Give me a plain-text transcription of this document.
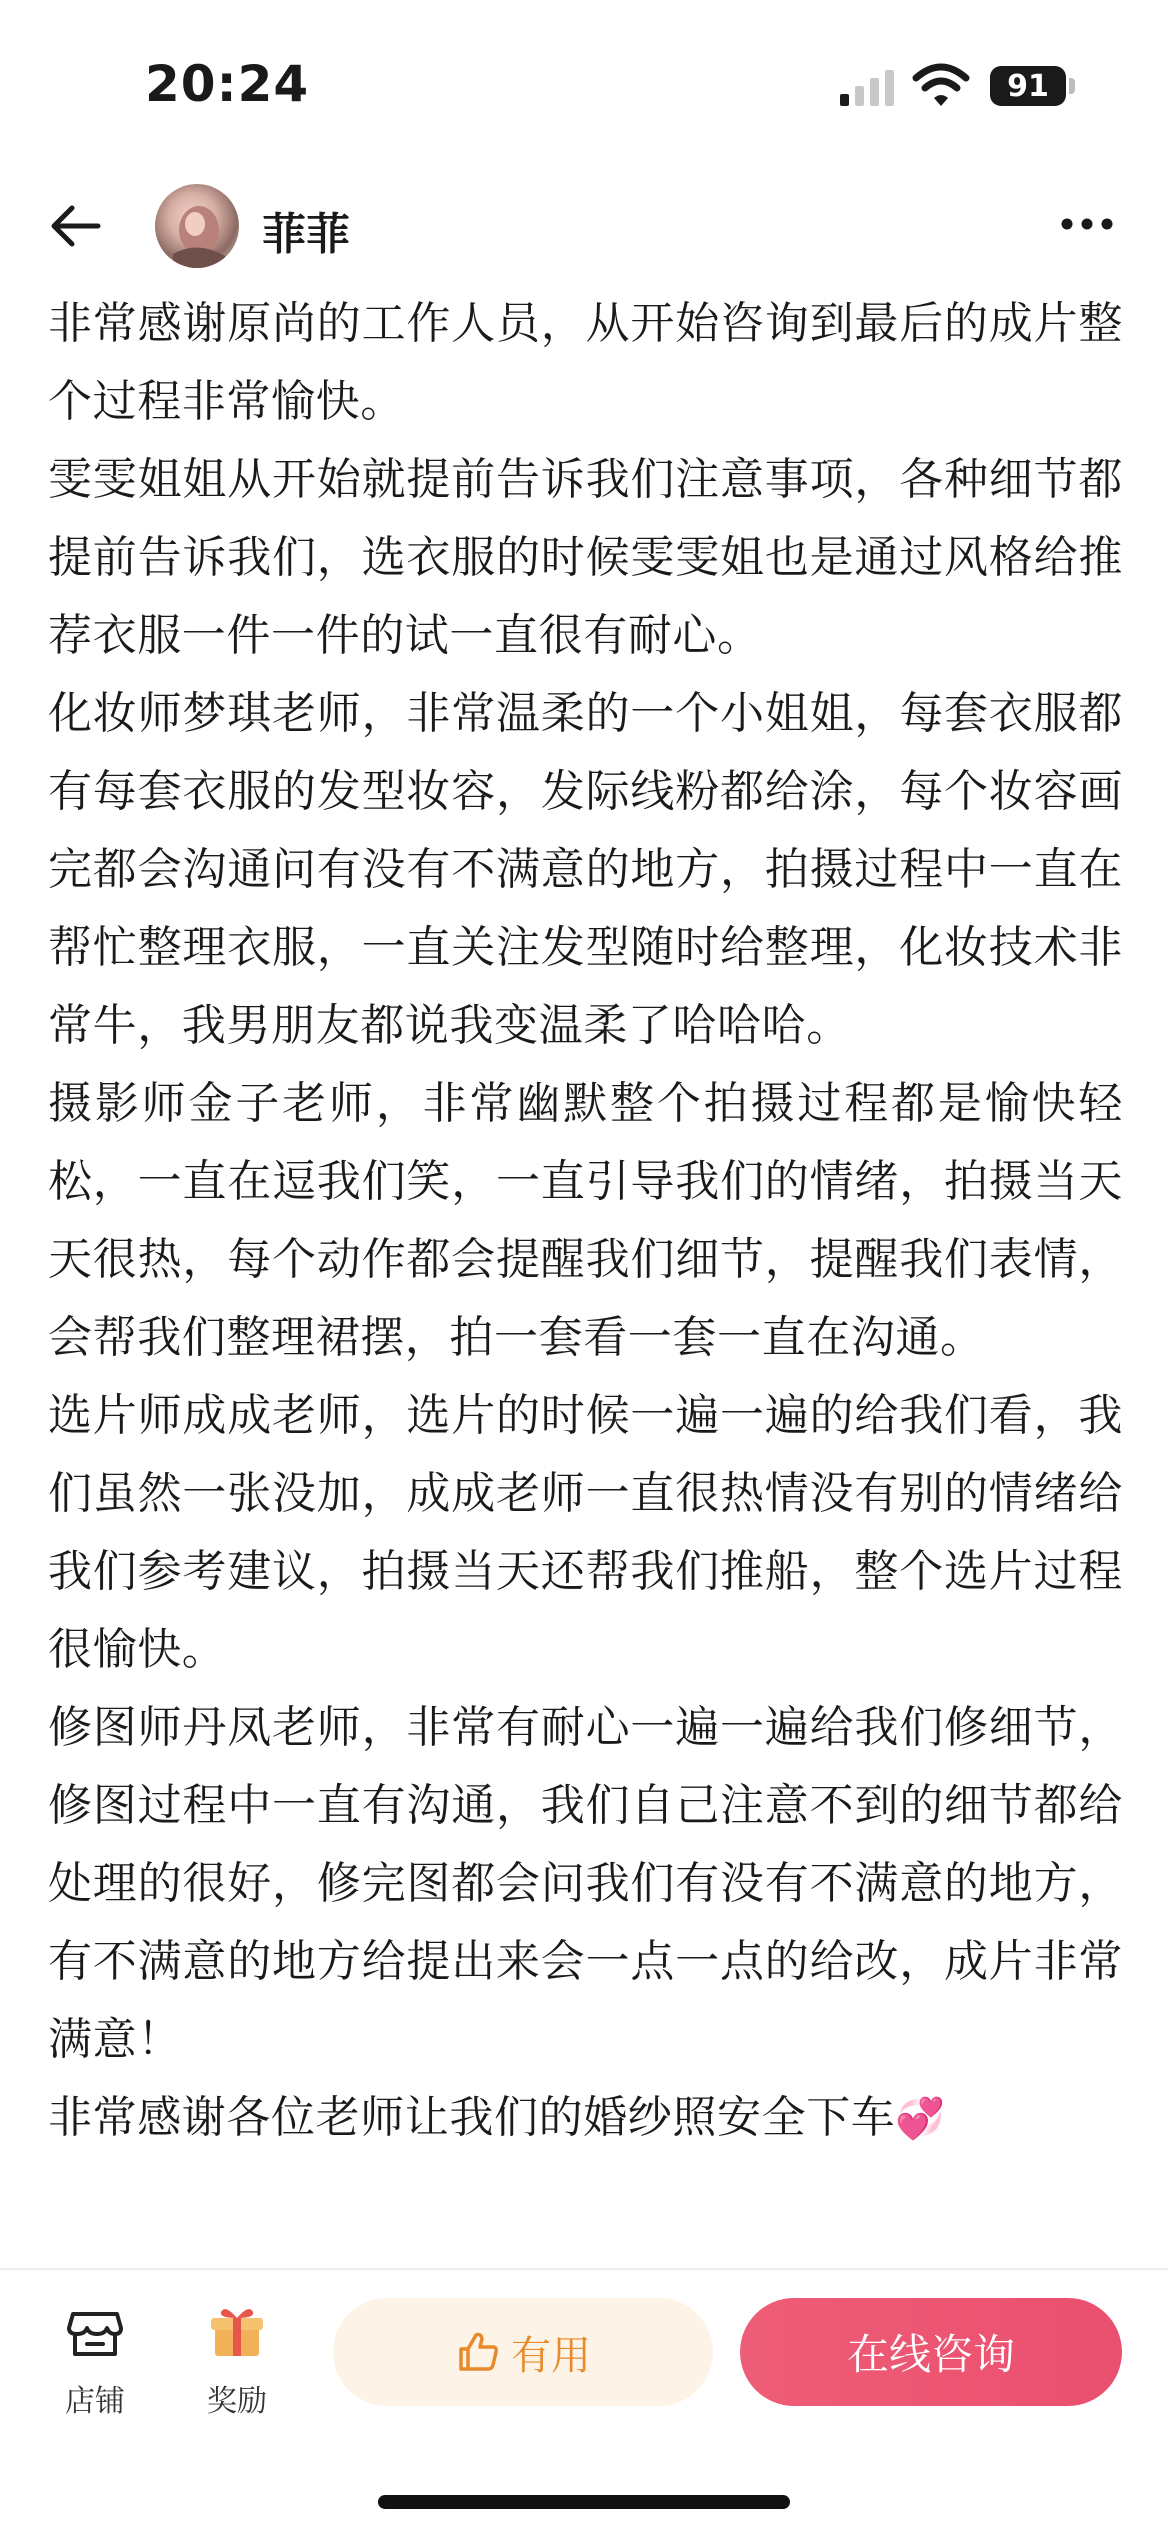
20:24	91
菲菲

非常感谢原尚的工作人员，从开始咨询到最后的成片整个过程非常愉快。

雯雯姐姐从开始就提前告诉我们注意事项，各种细节都提前告诉我们，选衣服的时候雯雯姐也是通过风格给推荐衣服一件一件的试一直很有耐心。

化妆师梦琪老师，非常温柔的一个小姐姐，每套衣服都有每套衣服的发型妆容，发际线粉都给涂，每个妆容画完都会沟通问有没有不满意的地方，拍摄过程中一直在帮忙整理衣服，一直关注发型随时给整理，化妆技术非常牛，我男朋友都说我变温柔了哈哈哈。

摄影师金子老师，非常幽默整个拍摄过程都是愉快轻松，一直在逗我们笑，一直引导我们的情绪，拍摄当天天很热，每个动作都会提醒我们细节，提醒我们表情，会帮我们整理裙摆，拍一套看一套一直在沟通。

选片师成成老师，选片的时候一遍一遍的给我们看，我们虽然一张没加，成成老师一直很热情没有别的情绪给我们参考建议，拍摄当天还帮我们推船，整个选片过程很愉快。

修图师丹凤老师，非常有耐心一遍一遍给我们修细节，修图过程中一直有沟通，我们自己注意不到的细节都给处理的很好，修完图都会问我们有没有不满意的地方，有不满意的地方给提出来会一点一点的给改，成片非常满意！

非常感谢各位老师让我们的婚纱照安全下车💞

店铺	奖励
有用	在线咨询
